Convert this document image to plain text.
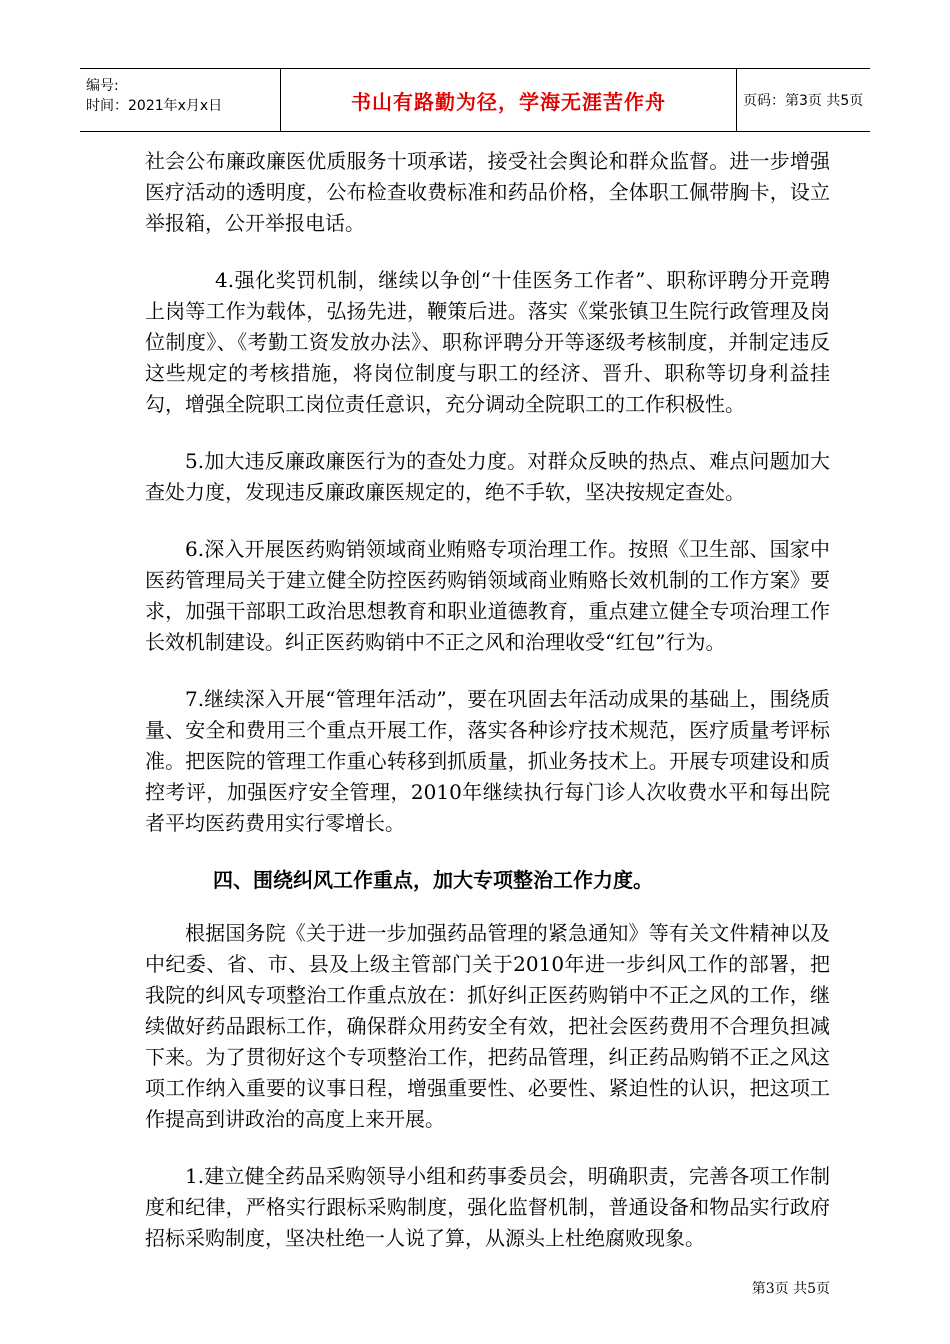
编号:
时间：2021年x月x日	书山有路勤为径，学海无涯苦作舟	页码：第3页 共5页

社会公布廉政廉医优质服务十项承诺，接受社会舆论和群众监督。进一步增强医疗活动的透明度，公布检查收费标准和药品价格，全体职工佩带胸卡，设立举报箱，公开举报电话。

4.强化奖罚机制，继续以争创“十佳医务工作者”、职称评聘分开竞聘上岗等工作为载体，弘扬先进，鞭策后进。落实《棠张镇卫生院行政管理及岗位制度》、《考勤工资发放办法》、职称评聘分开等逐级考核制度，并制定违反这些规定的考核措施，将岗位制度与职工的经济、晋升、职称等切身利益挂勾，增强全院职工岗位责任意识，充分调动全院职工的工作积极性。

5.加大违反廉政廉医行为的查处力度。对群众反映的热点、难点问题加大查处力度，发现违反廉政廉医规定的，绝不手软，坚决按规定查处。

6.深入开展医药购销领域商业贿赂专项治理工作。按照《卫生部、国家中医药管理局关于建立健全防控医药购销领域商业贿赂长效机制的工作方案》要求，加强干部职工政治思想教育和职业道德教育，重点建立健全专项治理工作长效机制建设。纠正医药购销中不正之风和治理收受“红包”行为。

7.继续深入开展“管理年活动”，要在巩固去年活动成果的基础上，围绕质量、安全和费用三个重点开展工作，落实各种诊疗技术规范，医疗质量考评标准。把医院的管理工作重心转移到抓质量，抓业务技术上。开展专项建设和质控考评，加强医疗安全管理，2010年继续执行每门诊人次收费水平和每出院者平均医药费用实行零增长。

四、围绕纠风工作重点，加大专项整治工作力度。

根据国务院《关于进一步加强药品管理的紧急通知》等有关文件精神以及中纪委、省、市、县及上级主管部门关于2010年进一步纠风工作的部署，把我院的纠风专项整治工作重点放在：抓好纠正医药购销中不正之风的工作，继续做好药品跟标工作，确保群众用药安全有效，把社会医药费用不合理负担减下来。为了贯彻好这个专项整治工作，把药品管理，纠正药品购销不正之风这项工作纳入重要的议事日程，增强重要性、必要性、紧迫性的认识，把这项工作提高到讲政治的高度上来开展。

1.建立健全药品采购领导小组和药事委员会，明确职责，完善各项工作制度和纪律，严格实行跟标采购制度，强化监督机制，普通设备和物品实行政府招标采购制度，坚决杜绝一人说了算，从源头上杜绝腐败现象。

第3页 共5页
